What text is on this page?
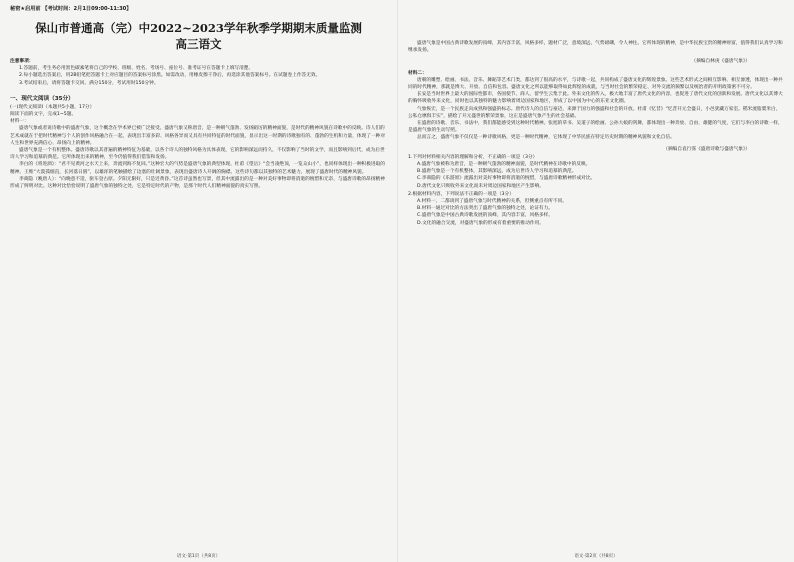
秘密★启用前 【考试时间：2月1日09:00-11:30】
保山市普通高（完）中2022~2023学年秋季学期期末质量监测
高三语文
注意事项：
1.答题前，考生务必用黑色碳素笔将自己的学校、班级、姓名、考场号、座位号、准考证号在答题卡上填写清楚。
2.每小题选出答案后，用2B铅笔把答题卡上对应题目的答案标号涂黑。如需改动，用橡皮擦干净后，再选涂其他答案标号。在试题卷上作答无效。
3.考试结束后，请将答题卡交回。满分150分，考试用时150分钟。
一、现代文阅读（35分）
(一)现代文阅读I（本题共5小题，17分）
阅读下面的文字，完成1~5题。
材料一：
盛唐气象或者说诗歌中的盛唐气象，这个概念在学术界已被广泛接受。盛唐气象又称唐音，是一种朝气蓬勃、发扬蹈厉的精神面貌，是时代的精神风貌在诗歌中的反映。诗人们的艺术成就在于把时代精神与个人的创作风格融合在一起，表现出丰富多彩、风格各异而又具有共同特征的时代面貌，显示出这一时期的诗歌独有的、蓬勃的生机和力量，体现了一种对人生和世界充满信心、昂扬向上的精神。
盛唐气象是一个有机整体。盛唐诗歌以其普遍的精神特征为基础，以各个诗人的独特风格为具体表现，它的影响深远而持久，不仅影响了当时的文学，而且影响到后代，成为后世诗人学习和追慕的典范。它所体现出来的精神，至今仍值得我们借鉴和发扬。
李白的《将进酒》：“君不见黄河之水天上来，奔流到海不复回。”这种宏大的气势是盛唐气象的典型体现。杜甫《望岳》“会当凌绝顶，一览众山小”，也同样体现出一种积极进取的精神。王维“大漠孤烟直，长河落日圆”，以雄浑的笔触描绘了边塞的壮阔景象，表现出盛唐诗人开阔的胸襟。这些诗句都以其独特的艺术魅力，展现了盛唐时代的精神风貌。
李商隐（晚唐人）：“向晚意不适，驱车登古原。夕阳无限好，只是近黄昏。”这首诗虽然也写景，但其中流露出的是一种对美好事物即将消逝的惋惜和无奈，与盛唐诗歌的昂扬精神形成了鲜明对比。这种对比恰恰说明了盛唐气象的独特之处，它是特定时代的产物，是那个时代人们精神面貌的真实写照。
语文·第1页（共8页）
盛唐气象是中国古典诗歌发展的顶峰，其内容丰富，风格多样，题材广泛，意境深远，气势磅礴，令人神往。它所体现的精神，是中华民族宝贵的精神财富，值得我们认真学习和继承发扬。
（摘编自林庚《盛唐气象》）
材料二：
唐朝的雕塑、绘画、书法、音乐、舞蹈等艺术门类，都达到了很高的水平，与诗歌一起，共同构成了盛唐文化的辉煌景象。这些艺术形式之间相互影响、相互渗透，体现出一种共同的时代精神，那就是博大、开放、自信和包容。盛唐文化之所以能够取得如此辉煌的成就，与当时社会的繁荣稳定、对外交流的频繁以及统治者的开明政策密不可分。
长安是当时世界上最大的国际性都市，各国使节、商人、留学生云集于此。外来文化的传入，极大地丰富了唐代文化的内容，也促进了唐代文化的创新和发展。唐代文化以其博大的胸怀吸收外来文化，同时也以其独特的魅力影响着周边国家和地区，形成了以中国为中心的东亚文化圈。
气象恢宏，是一个民族走向成熟和强盛的标志。唐代诗人的自信与豪迈，来源于国力的强盛和社会的开放。杜甫《忆昔》“忆昔开元全盛日，小邑犹藏万家室。稻米流脂粟米白，公私仓廪俱丰实”，描绘了开元盛世的繁荣景象，这正是盛唐气象产生的社会基础。
在盛唐的诗歌、音乐、书法中，我们都能感受到这种时代精神。张旭的草书、吴道子的绘画、公孙大娘的剑舞，都体现出一种奔放、自由、雄健的气度，它们与李白的诗歌一样，是盛唐气象的生动写照。
总而言之，盛唐气象不仅仅是一种诗歌风格，更是一种时代精神，它体现了中华民族在特定历史时期的精神风貌和文化自信。
（摘编自袁行霈《盛唐诗歌与盛唐气象》）
1.下列对材料相关内容的理解和分析，不正确的一项是（3分）
A.盛唐气象被称为唐音，是一种朝气蓬勃的精神面貌，是时代精神在诗歌中的反映。
B.盛唐气象是一个有机整体，其影响深远，成为后世诗人学习和追慕的典范。
C.李商隐的《乐游原》流露出对美好事物即将消逝的惋惜，与盛唐诗歌精神形成对比。
D.唐代文化只吸收外来文化而未对周边国家和地区产生影响。
2.根据材料内容，下列说法不正确的一项是（3分）
A.材料一、二都谈到了盛唐气象与时代精神的关系，但侧重点有所不同。
B.材料一通过对比的方法突出了盛唐气象的独特之处，论证有力。
C.盛唐气象是中国古典诗歌发展的顶峰，其内容丰富，风格多样。
D.文化的融合交流，对盛唐气象的形成有着重要的推动作用。
语文·第2页（共8页）
